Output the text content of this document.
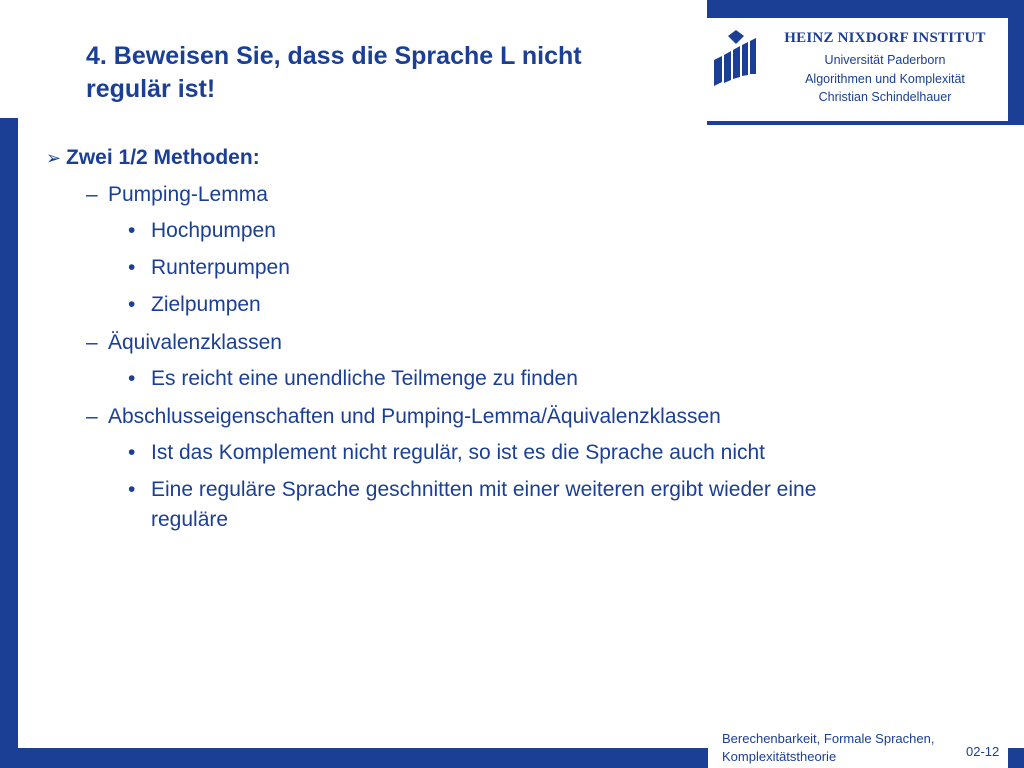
HEINZ NIXDORF INSTITUT
Universität Paderborn
Algorithmen und Komplexität
Christian Schindelhauer
4. Beweisen Sie, dass die Sprache L nicht
regulär ist!
➢ Zwei 1/2 Methoden:
– Pumping-Lemma
• Hochpumpen
• Runterpumpen
• Zielpumpen
– Äquivalenzklassen
• Es reicht eine unendliche Teilmenge zu finden
– Abschlusseigenschaften und Pumping-Lemma/Äquivalenzklassen
• Ist das Komplement nicht regulär, so ist es die Sprache auch nicht
• Eine reguläre Sprache geschnitten mit einer weiteren ergibt wieder eine
reguläre
Berechenbarkeit, Formale Sprachen,
Komplexitätstheorie	02-12
